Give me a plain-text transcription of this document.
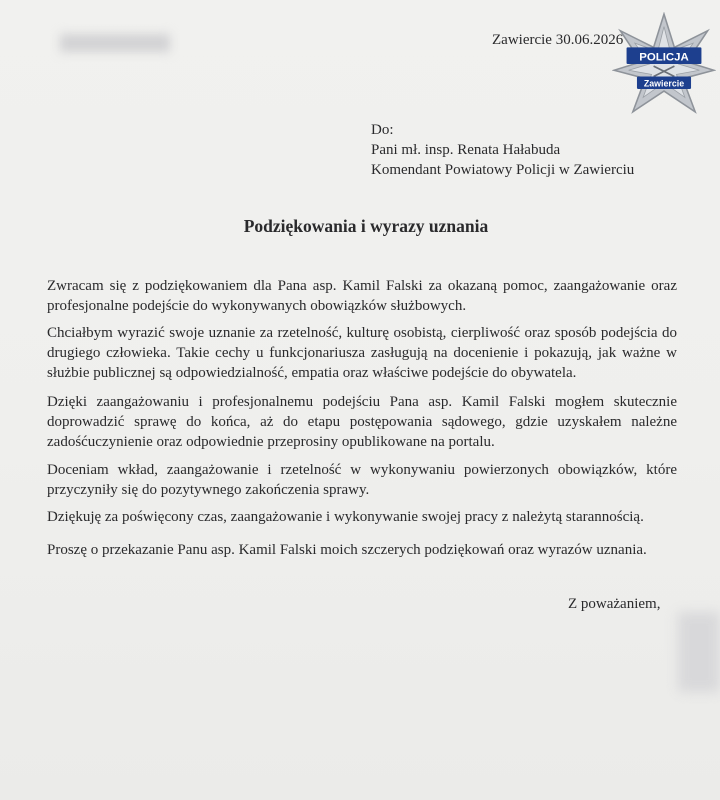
Zawiercie 30.06.2026
POLICJA
Zawiercie
Do:
Pani mł. insp. Renata Hałabuda
Komendant Powiatowy Policji w Zawierciu
Podziękowania i wyrazy uznania

Zwracam się z podziękowaniem dla Pana asp. Kamil Falski za okazaną pomoc, zaangażowanie oraz profesjonalne podejście do wykonywanych obowiązków służbowych.

Chciałbym wyrazić swoje uznanie za rzetelność, kulturę osobistą, cierpliwość oraz sposób podejścia do drugiego człowieka. Takie cechy u funkcjonariusza zasługują na docenienie i pokazują, jak ważne w służbie publicznej są odpowiedzialność, empatia oraz właściwe podejście do obywatela.

Dzięki zaangażowaniu i profesjonalnemu podejściu Pana asp. Kamil Falski mogłem skutecznie doprowadzić sprawę do końca, aż do etapu postępowania sądowego, gdzie uzyskałem należne zadośćuczynienie oraz odpowiednie przeprosiny opublikowane na portalu.

Doceniam wkład, zaangażowanie i rzetelność w wykonywaniu powierzonych obowiązków, które przyczyniły się do pozytywnego zakończenia sprawy.

Dziękuję za poświęcony czas, zaangażowanie i wykonywanie swojej pracy z należytą starannością.

Proszę o przekazanie Panu asp. Kamil Falski moich szczerych podziękowań oraz wyrazów uznania.

Z poważaniem,
